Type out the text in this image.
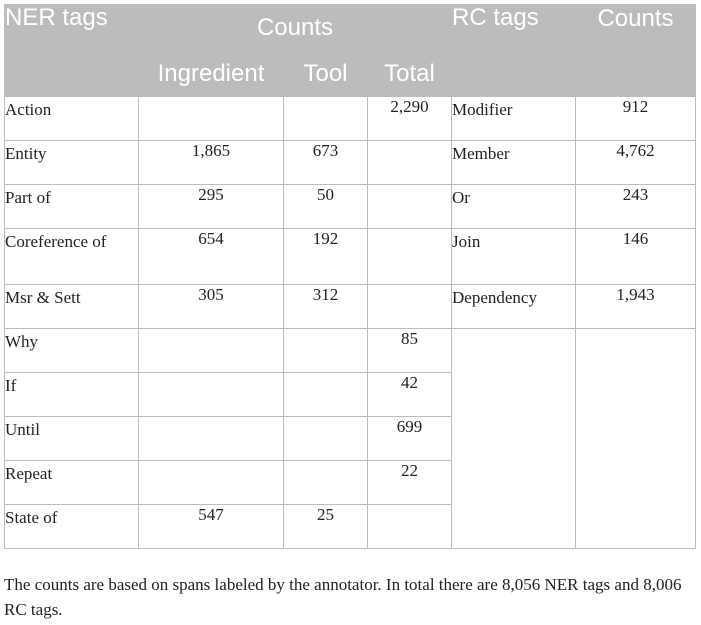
NER tags	Counts			RC tags	Counts
	Ingredient	Tool	Total		
Action			2,290	Modifier	912
Entity	1,865	673		Member	4,762
Part of	295	50		Or	243
Coreference of	654	192		Join	146
Msr & Sett	305	312		Dependency	1,943
Why			85		
If			42		
Until			699		
Repeat			22		
State of	547	25			

The counts are based on spans labeled by the annotator. In total there are 8,056 NER tags and 8,006 RC tags.
